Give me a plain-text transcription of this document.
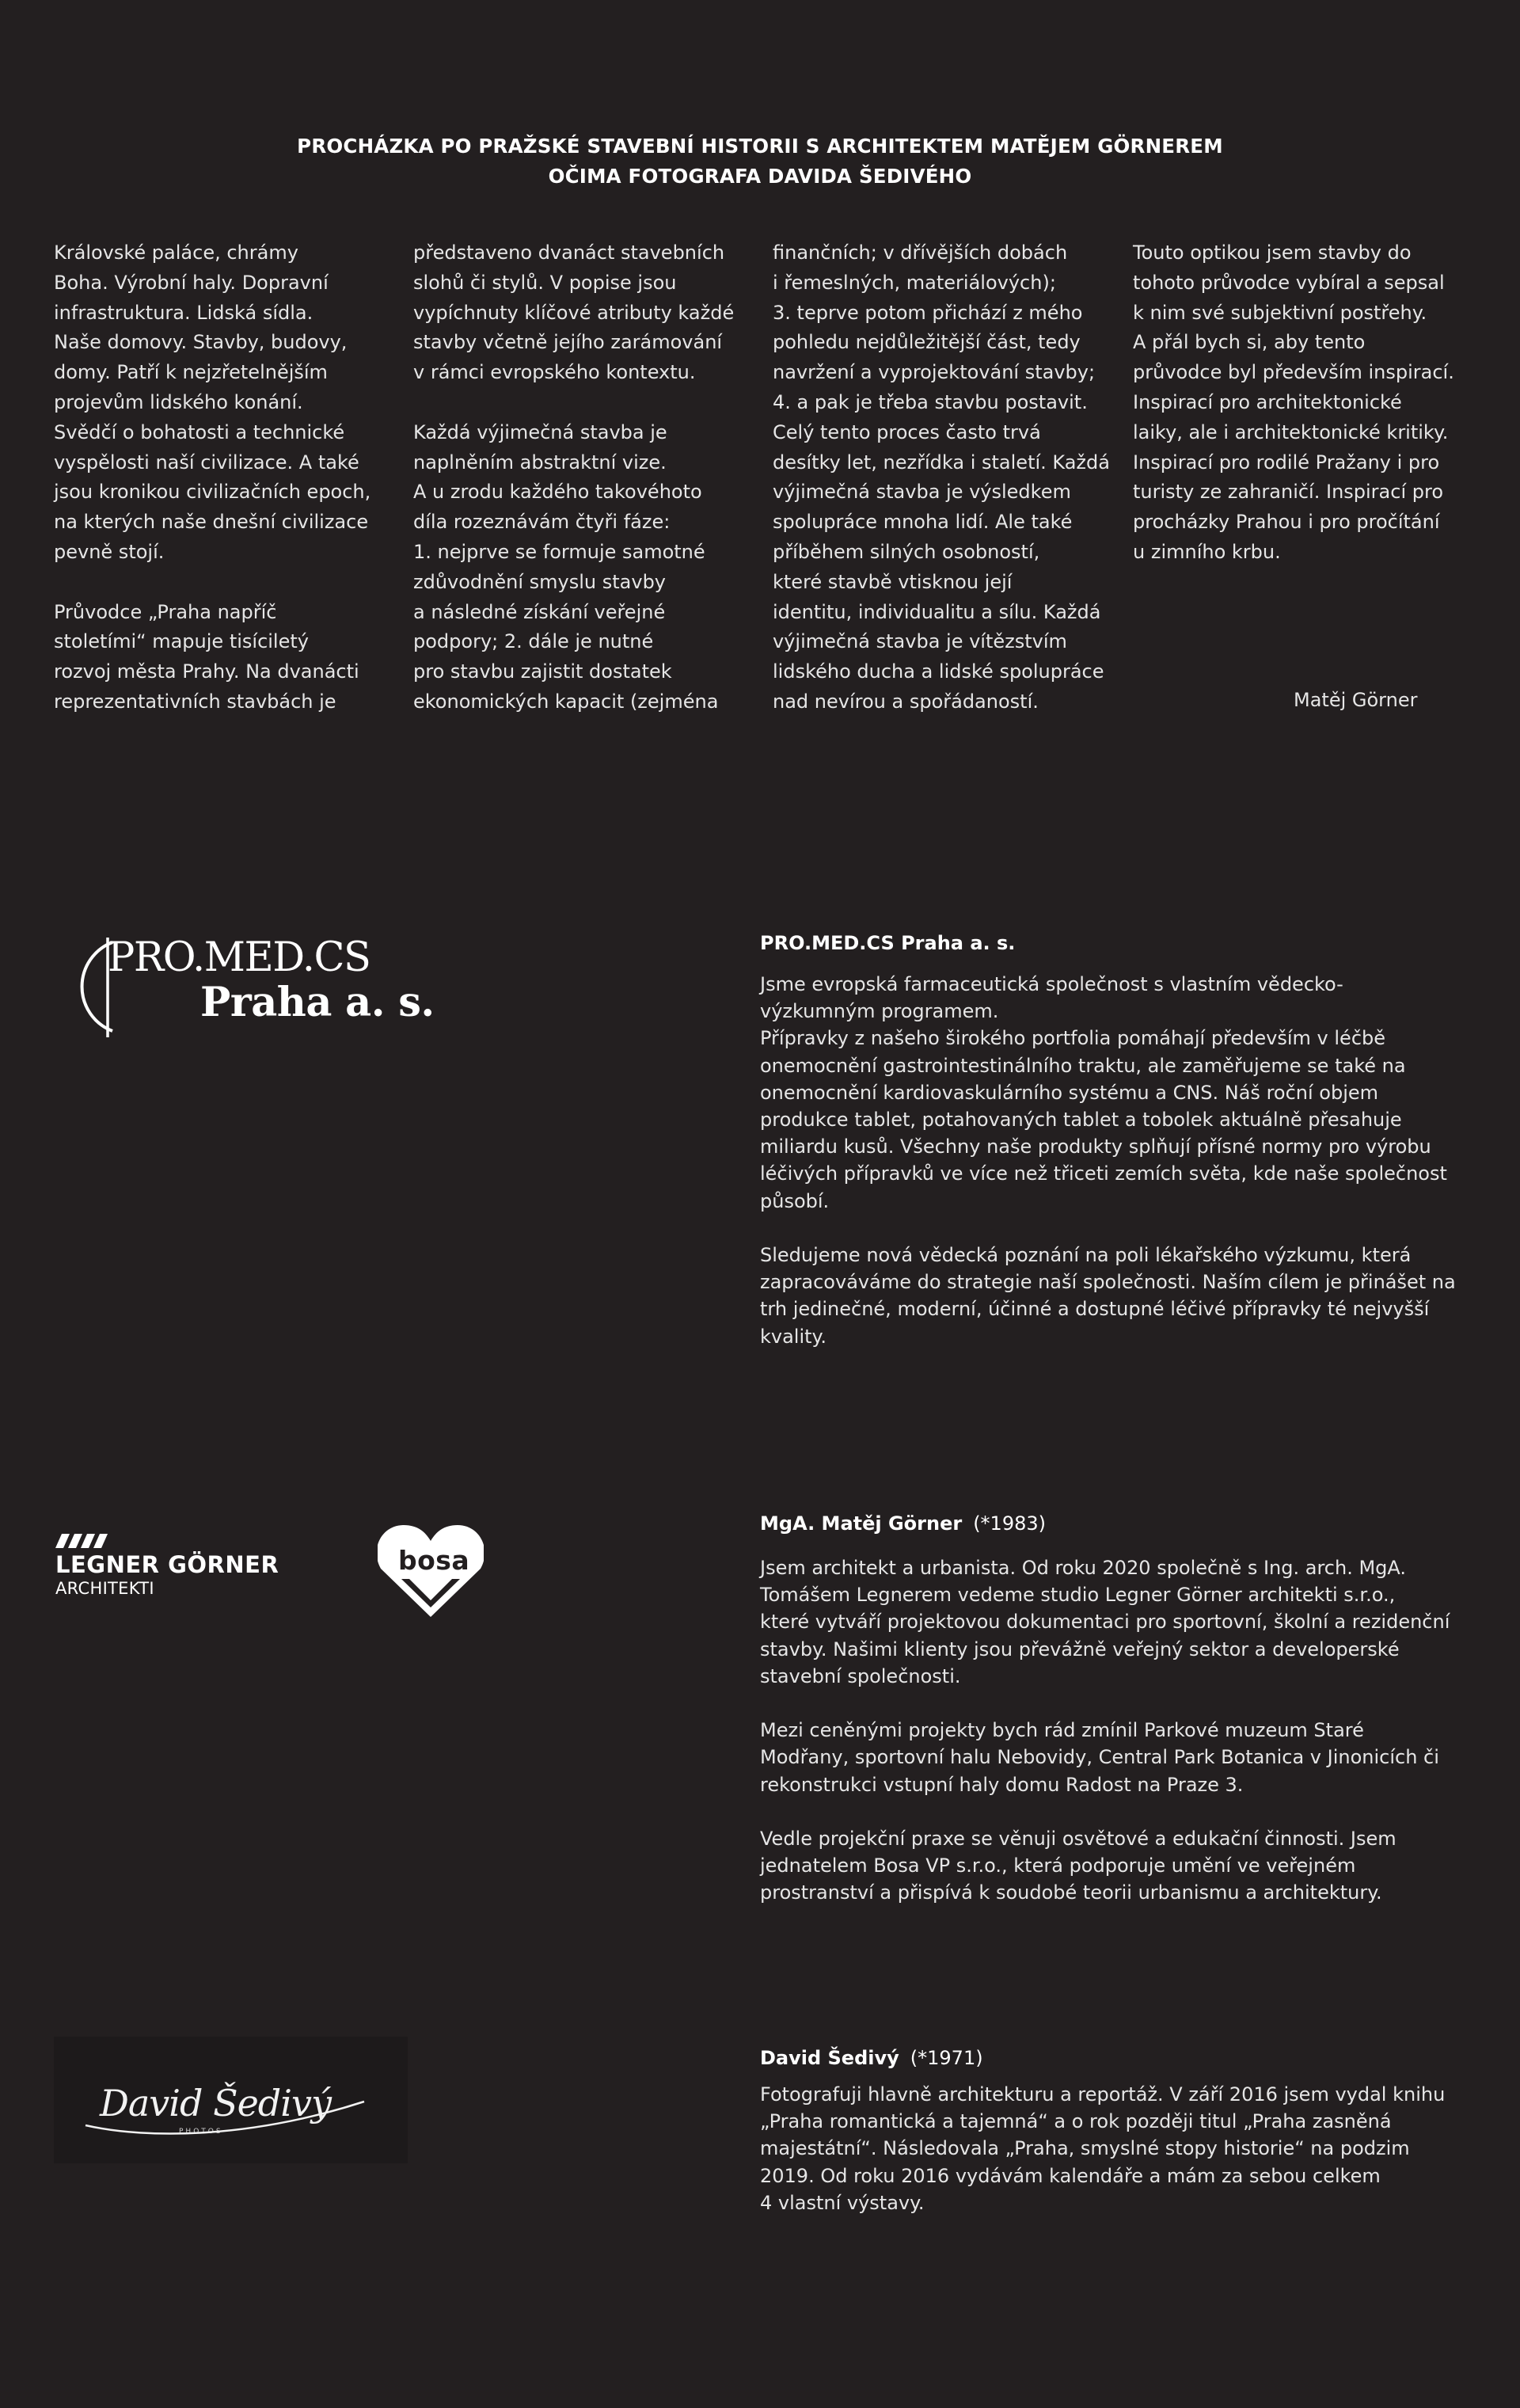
PROCHÁZKA PO PRAŽSKÉ STAVEBNÍ HISTORII S ARCHITEKTEM MATĚJEM GÖRNEREM
OČIMA FOTOGRAFA DAVIDA ŠEDIVÉHO

Královské paláce, chrámy
Boha. Výrobní haly. Dopravní
infrastruktura. Lidská sídla.
Naše domovy. Stavby, budovy,
domy. Patří k nejzřetelnějším
projevům lidského konání.
Svědčí o bohatosti a technické
vyspělosti naší civilizace. A také
jsou kronikou civilizačních epoch,
na kterých naše dnešní civilizace
pevně stojí.

Průvodce „Praha napříč
stoletími“ mapuje tisíciletý
rozvoj města Prahy. Na dvanácti
reprezentativních stavbách je

představeno dvanáct stavebních
slohů či stylů. V popise jsou
vypíchnuty klíčové atributy každé
stavby včetně jejího zarámování
v rámci evropského kontextu.

Každá výjimečná stavba je
naplněním abstraktní vize.
A u zrodu každého takovéhoto
díla rozeznávám čtyři fáze:
1. nejprve se formuje samotné
zdůvodnění smyslu stavby
a následné získání veřejné
podpory; 2. dále je nutné
pro stavbu zajistit dostatek
ekonomických kapacit (zejména

finančních; v dřívějších dobách
i řemeslných, materiálových);
3. teprve potom přichází z mého
pohledu nejdůležitější část, tedy
navržení a vyprojektování stavby;
4. a pak je třeba stavbu postavit.
Celý tento proces často trvá
desítky let, nezřídka i staletí. Každá
výjimečná stavba je výsledkem
spolupráce mnoha lidí. Ale také
příběhem silných osobností,
které stavbě vtisknou její
identitu, individualitu a sílu. Každá
výjimečná stavba je vítězstvím
lidského ducha a lidské spolupráce
nad nevírou a spořádaností.

Touto optikou jsem stavby do
tohoto průvodce vybíral a sepsal
k nim své subjektivní postřehy.
A přál bych si, aby tento
průvodce byl především inspirací.
Inspirací pro architektonické
laiky, ale i architektonické kritiky.
Inspirací pro rodilé Pražany i pro
turisty ze zahraničí. Inspirací pro
procházky Prahou i pro pročítání
u zimního krbu.

Matěj Görner
PRO.MED.CS
Praha a. s.
PRO.MED.CS Praha a. s.

Jsme evropská farmaceutická společnost s vlastním vědecko-
výzkumným programem.
Přípravky z našeho širokého portfolia pomáhají především v léčbě
onemocnění gastrointestinálního traktu, ale zaměřujeme se také na
onemocnění kardiovaskulárního systému a CNS. Náš roční objem
produkce tablet, potahovaných tablet a tobolek aktuálně přesahuje
miliardu kusů. Všechny naše produkty splňují přísné normy pro výrobu
léčivých přípravků ve více než třiceti zemích světa, kde naše společnost
působí.

Sledujeme nová vědecká poznání na poli lékařského výzkumu, která
zapracováváme do strategie naší společnosti. Naším cílem je přinášet na
trh jedinečné, moderní, účinné a dostupné léčivé přípravky té nejvyšší
kvality.

LEGNER GÖRNER
ARCHITEKTI
bosa
MgA. Matěj Görner (*1983)

Jsem architekt a urbanista. Od roku 2020 společně s Ing. arch. MgA.
Tomášem Legnerem vedeme studio Legner Görner architekti s.r.o.,
které vytváří projektovou dokumentaci pro sportovní, školní a rezidenční
stavby. Našimi klienty jsou převážně veřejný sektor a developerské
stavební společnosti.

Mezi ceněnými projekty bych rád zmínil Parkové muzeum Staré
Modřany, sportovní halu Nebovidy, Central Park Botanica v Jinonicích či
rekonstrukci vstupní haly domu Radost na Praze 3.

Vedle projekční praxe se věnuji osvětové a edukační činnosti. Jsem
jednatelem Bosa VP s.r.o., která podporuje umění ve veřejném
prostranství a přispívá k soudobé teorii urbanismu a architektury.

David Šedivý
PHOTOS
David Šedivý (*1971)

Fotografuji hlavně architekturu a reportáž. V září 2016 jsem vydal knihu
„Praha romantická a tajemná“ a o rok později titul „Praha zasněná
majestátní“. Následovala „Praha, smyslné stopy historie“ na podzim
2019. Od roku 2016 vydávám kalendáře a mám za sebou celkem
4 vlastní výstavy.
